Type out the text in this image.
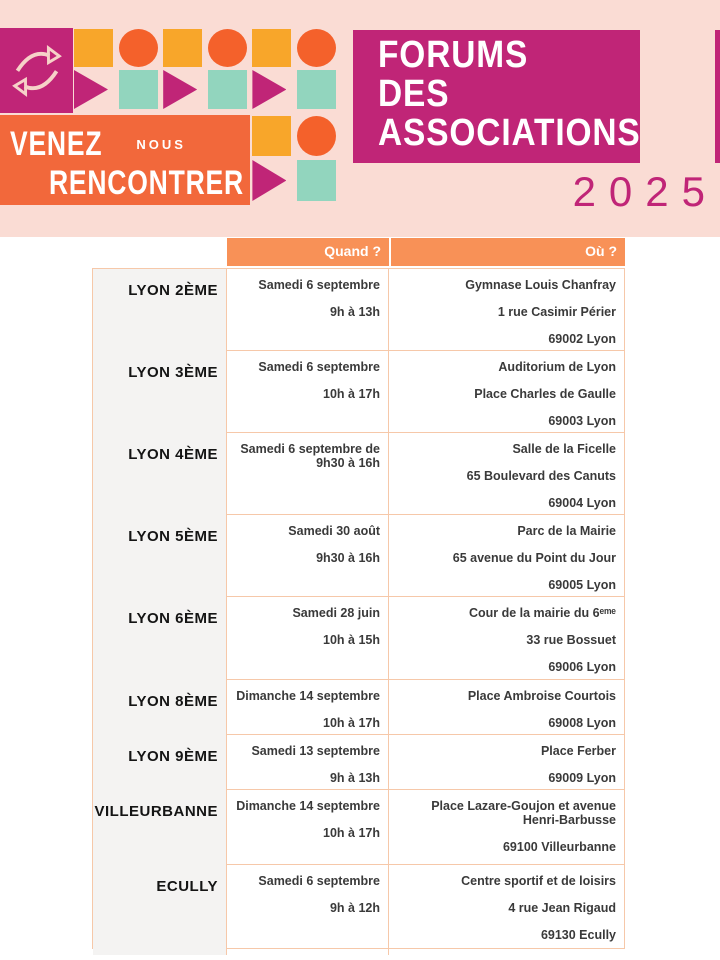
VENEZ	$^{NOUS}$
RENCONTRER
FORUMS
DES
ASSOCIATIONS
2025
Quand ?	Où ?
LYON 2ÈME	Samedi 6 septembre
9h à 13h
Gymnase Louis Chanfray
1 rue Casimir Périer
69002 Lyon
LYON 3ÈME	Samedi 6 septembre
10h à 17h
Auditorium de Lyon
Place Charles de Gaulle
69003 Lyon
LYON 4ÈME	Samedi 6 septembre de
9h30 à 16h
Salle de la Ficelle
65 Boulevard des Canuts
69004 Lyon
LYON 5ÈME	Samedi 30 août
9h30 à 16h
Parc de la Mairie
65 avenue du Point du Jour
69005 Lyon
LYON 6ÈME	Samedi 28 juin
10h à 15h
Cour de la mairie du 6ᵉᵐᵉ
33 rue Bossuet
69006 Lyon
LYON 8ÈME	Dimanche 14 septembre
10h à 17h
Place Ambroise Courtois
69008 Lyon
LYON 9ÈME	Samedi 13 septembre
9h à 13h
Place Ferber
69009 Lyon
VILLEURBANNE	Dimanche 14 septembre
10h à 17h
Place Lazare-Goujon et avenue Henri-Barbusse
69100 Villeurbanne
ECULLY	Samedi 6 septembre
9h à 12h
Centre sportif et de loisirs
4 rue Jean Rigaud
69130 Ecully
